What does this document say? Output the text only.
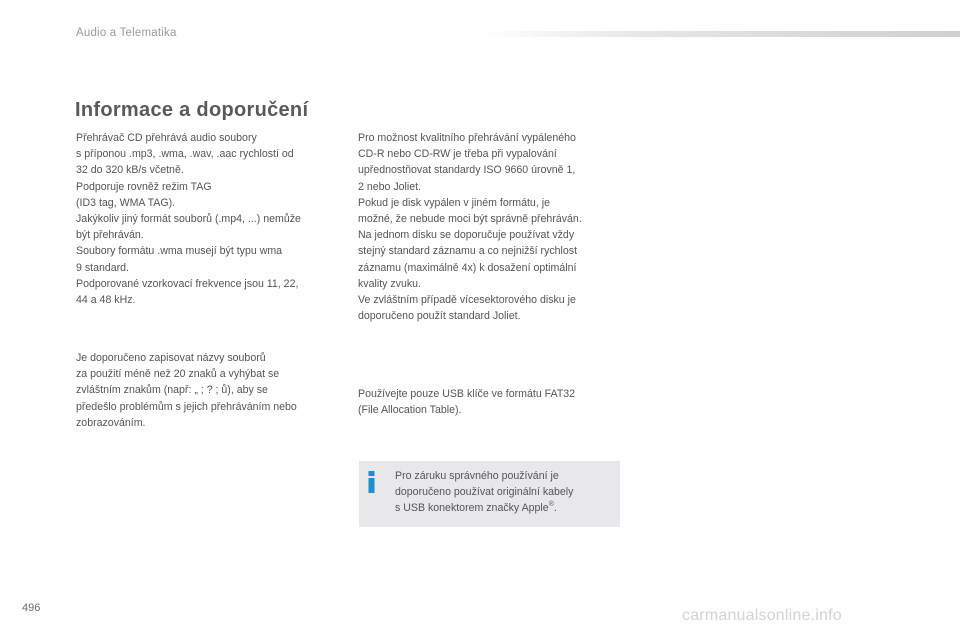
Audio a Telematika
Informace a doporučení

Přehrávač CD přehrává audio soubory
s příponou .mp3, .wma, .wav, .aac rychlostí od
32 do 320 kB/s včetně.
Podporuje rovněž režim TAG
(ID3 tag, WMA TAG).
Jakýkoliv jiný formát souborů (.mp4, ...) nemůže
být přehráván.
Soubory formátu .wma musejí být typu wma
9 standard.
Podporované vzorkovací frekvence jsou 11, 22,
44 a 48 kHz.

Je doporučeno zapisovat názvy souborů
za použití méně než 20 znaků a vyhýbat se
zvláštním znakům (např: „ ; ? ; ů), aby se
předešlo problémům s jejich přehráváním nebo
zobrazováním.

Pro možnost kvalitního přehrávání vypáleného
CD-R nebo CD-RW je třeba při vypalování
upřednostňovat standardy ISO 9660 úrovně 1,
2 nebo Joliet.
Pokud je disk vypálen v jiném formátu, je
možné, že nebude moci být správně přehráván.
Na jednom disku se doporučuje používat vždy
stejný standard záznamu a co nejnižší rychlost
záznamu (maximálně 4x) k dosažení optimální
kvality zvuku.
Ve zvláštním případě vícesektorového disku je
doporučeno použít standard Joliet.

Používejte pouze USB klíče ve formátu FAT32
(File Allocation Table).

Pro záruku správného používání je
doporučeno používat originální kabely
s USB konektorem značky Apple®.

496	carmanualsonline.info
